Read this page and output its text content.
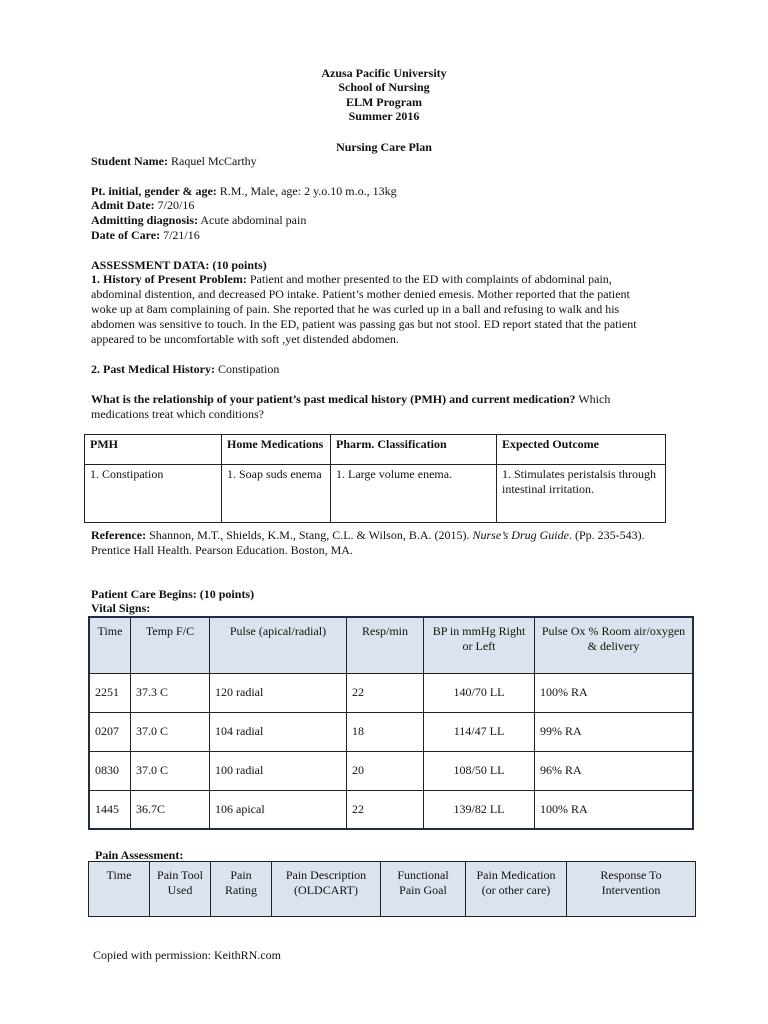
Azusa Pacific University
School of Nursing
ELM Program
Summer 2016
Nursing Care Plan
Student Name: Raquel McCarthy
Pt. initial, gender & age: R.M., Male, age: 2 y.o.10 m.o., 13kg
Admit Date: 7/20/16
Admitting diagnosis: Acute abdominal pain
Date of Care: 7/21/16
ASSESSMENT DATA: (10 points)
1. History of Present Problem: Patient and mother presented to the ED with complaints of abdominal pain,
abdominal distention, and decreased PO intake. Patient’s mother denied emesis. Mother reported that the patient
woke up at 8am complaining of pain. She reported that he was curled up in a ball and refusing to walk and his
abdomen was sensitive to touch. In the ED, patient was passing gas but not stool. ED report stated that the patient
appeared to be uncomfortable with soft ,yet distended abdomen.
2. Past Medical History: Constipation
What is the relationship of your patient’s past medical history (PMH) and current medication? Which
medications treat which conditions?
PMH	Home Medications	Pharm. Classification	Expected Outcome
1. Constipation	1. Soap suds enema	1. Large volume enema.	1. Stimulates peristalsis through intestinal irritation.
Reference: Shannon, M.T., Shields, K.M., Stang, C.L. & Wilson, B.A. (2015). Nurse’s Drug Guide. (Pp. 235-543).
Prentice Hall Health. Pearson Education. Boston, MA.
Patient Care Begins: (10 points)
Vital Signs:
Time	Temp F/C	Pulse (apical/radial)	Resp/min	BP in mmHg Right or Left	Pulse Ox % Room air/oxygen & delivery
2251	37.3 C	120 radial	22	140/70 LL	100% RA
0207	37.0 C	104 radial	18	114/47 LL	99% RA
0830	37.0 C	100 radial	20	108/50 LL	96% RA
1445	36.7C	106 apical	22	139/82 LL	100% RA
Pain Assessment:
Time	Pain Tool Used	Pain Rating	Pain Description (OLDCART)	Functional Pain Goal	Pain Medication (or other care)	Response To Intervention
Copied with permission: KeithRN.com
